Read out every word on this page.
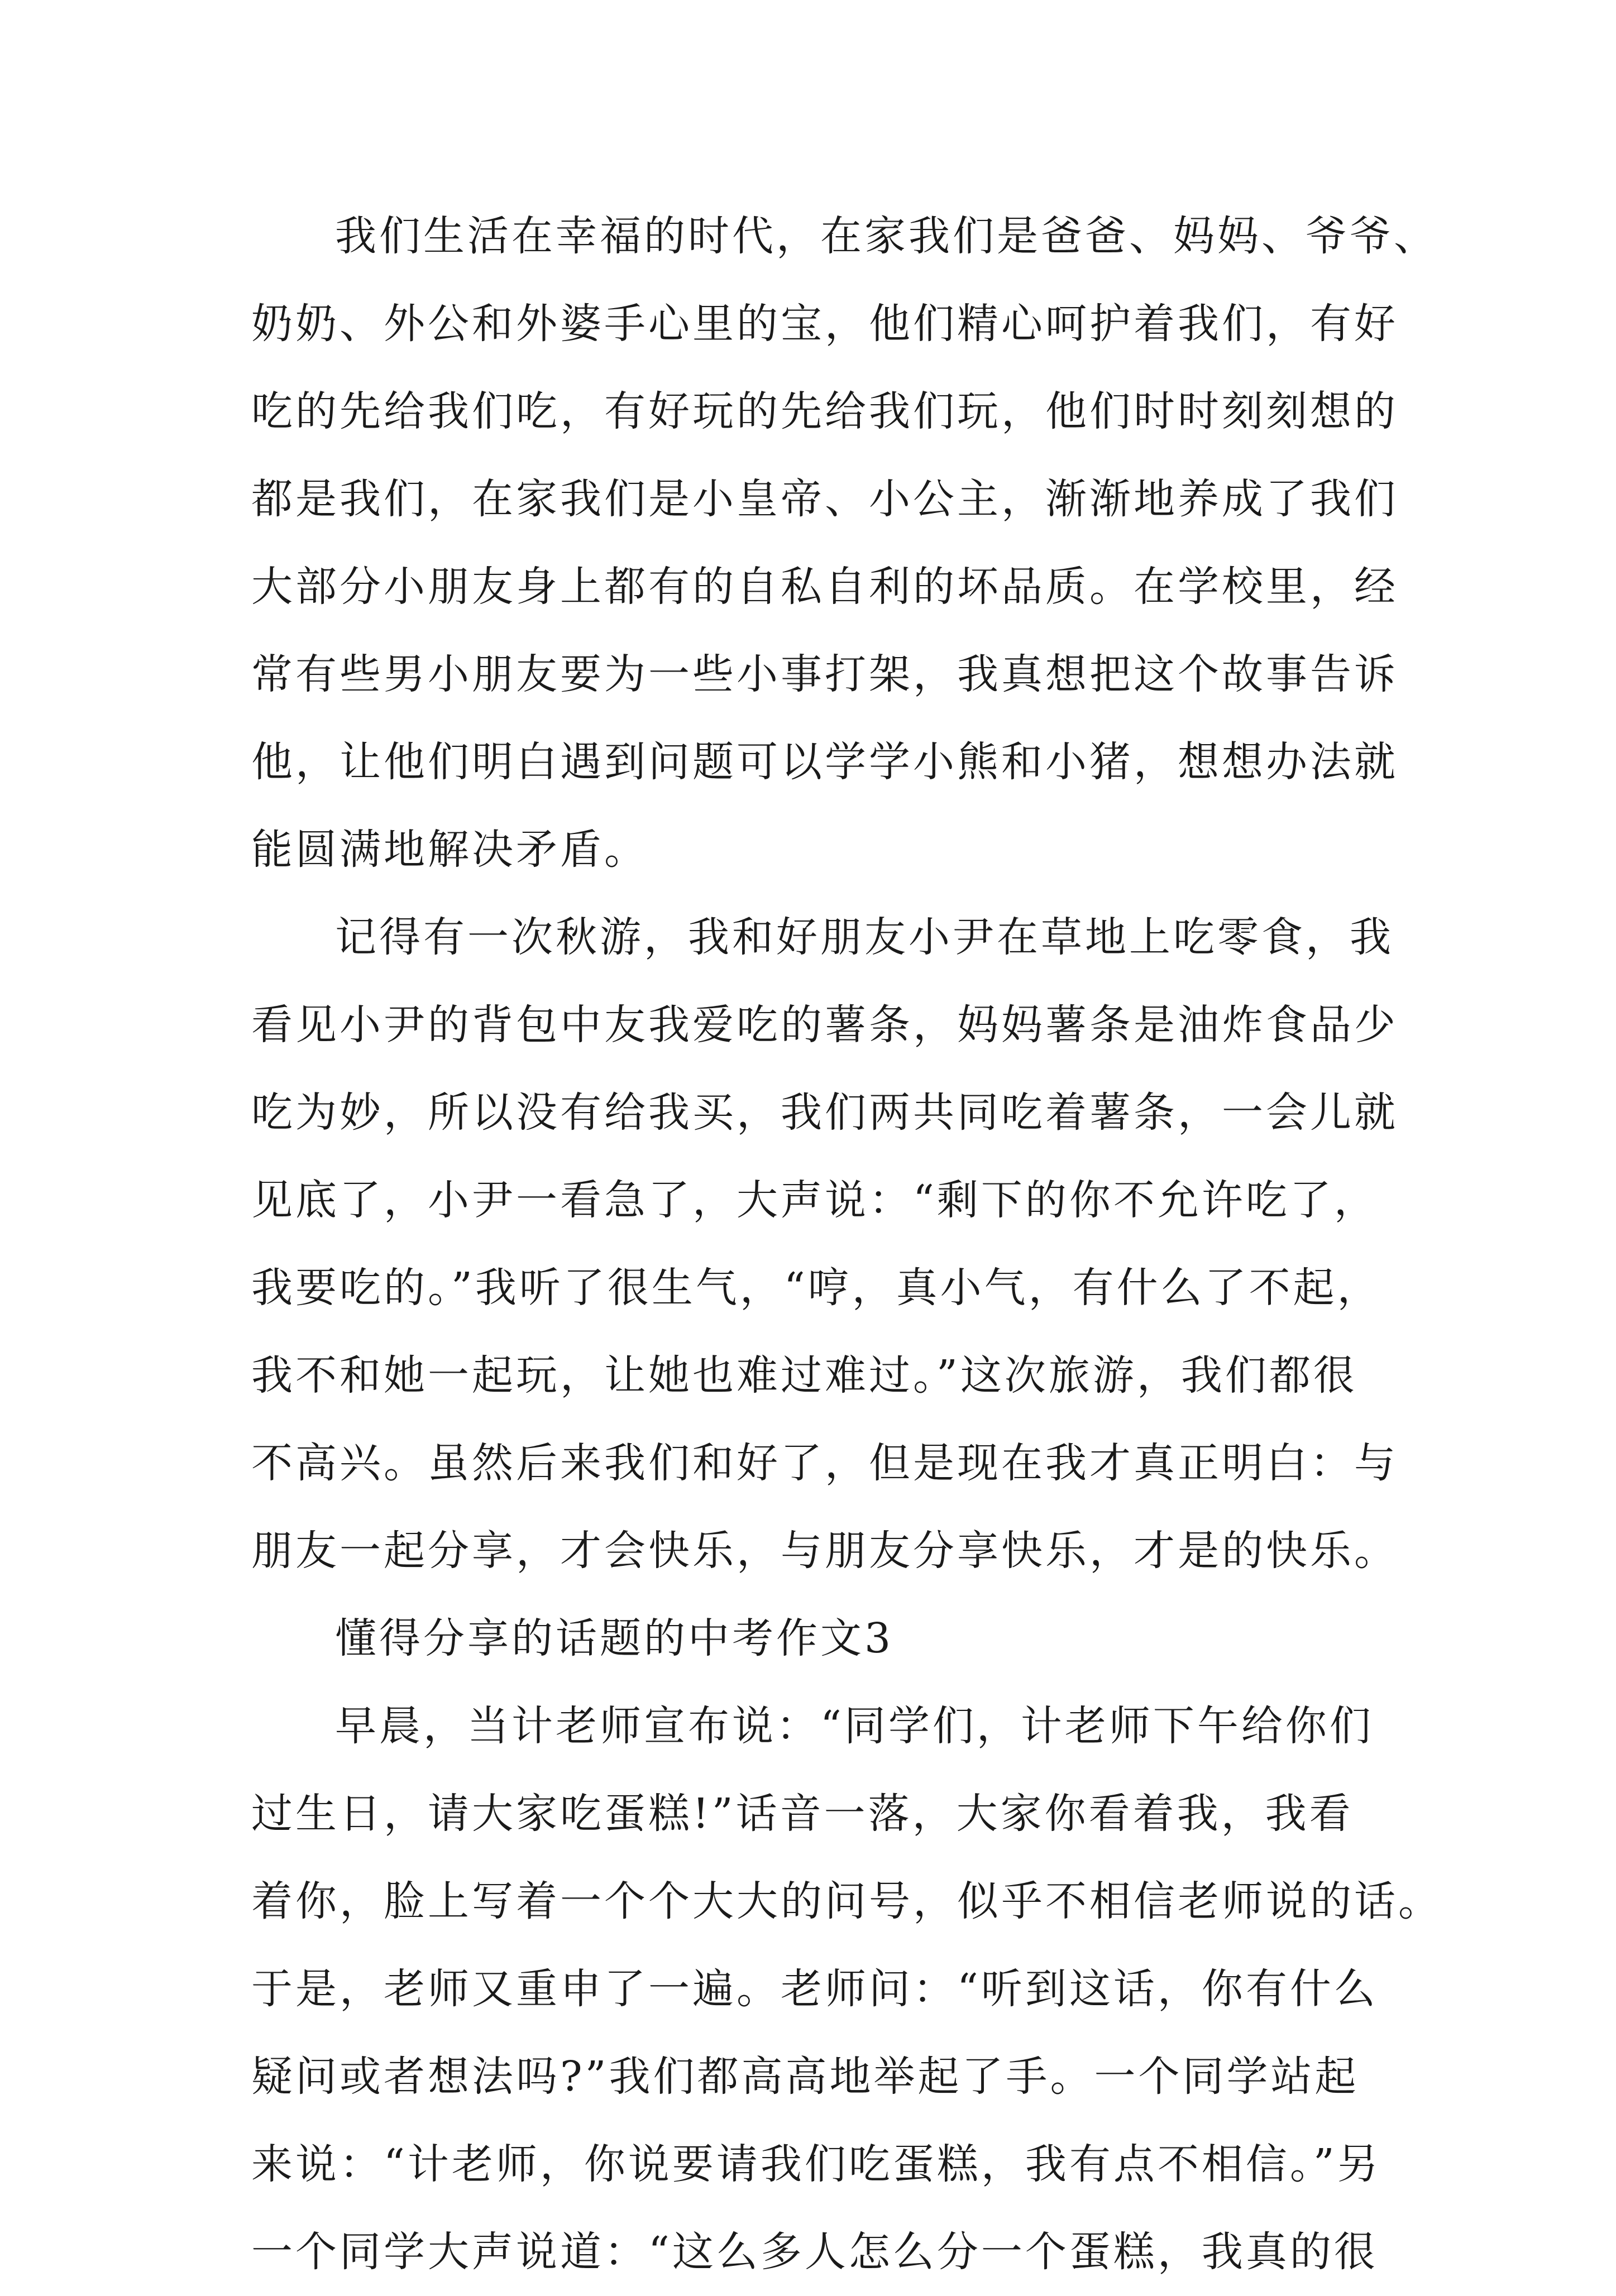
我们生活在幸福的时代，在家我们是爸爸、妈妈、爷爷、
奶奶、外公和外婆手心里的宝，他们精心呵护着我们，有好
吃的先给我们吃，有好玩的先给我们玩，他们时时刻刻想的
都是我们，在家我们是小皇帝、小公主，渐渐地养成了我们
大部分小朋友身上都有的自私自利的坏品质。在学校里，经
常有些男小朋友要为一些小事打架，我真想把这个故事告诉
他，让他们明白遇到问题可以学学小熊和小猪，想想办法就
能圆满地解决矛盾。
记得有一次秋游，我和好朋友小尹在草地上吃零食，我
看见小尹的背包中友我爱吃的薯条，妈妈薯条是油炸食品少
吃为妙，所以没有给我买，我们两共同吃着薯条，一会儿就
见底了，小尹一看急了，大声说：“剩下的你不允许吃了，
我要吃的。”我听了很生气，“哼，真小气，有什么了不起，
我不和她一起玩，让她也难过难过。”这次旅游，我们都很
不高兴。虽然后来我们和好了，但是现在我才真正明白：与
朋友一起分享，才会快乐，与朋友分享快乐，才是的快乐。
懂得分享的话题的中考作文3
早晨，当计老师宣布说：“同学们，计老师下午给你们
过生日，请大家吃蛋糕!”话音一落，大家你看着我，我看
着你，脸上写着一个个大大的问号，似乎不相信老师说的话。
于是，老师又重申了一遍。老师问：“听到这话，你有什么
疑问或者想法吗?”我们都高高地举起了手。一个同学站起
来说：“计老师，你说要请我们吃蛋糕，我有点不相信。”另
一个同学大声说道：“这么多人怎么分一个蛋糕，我真的很
